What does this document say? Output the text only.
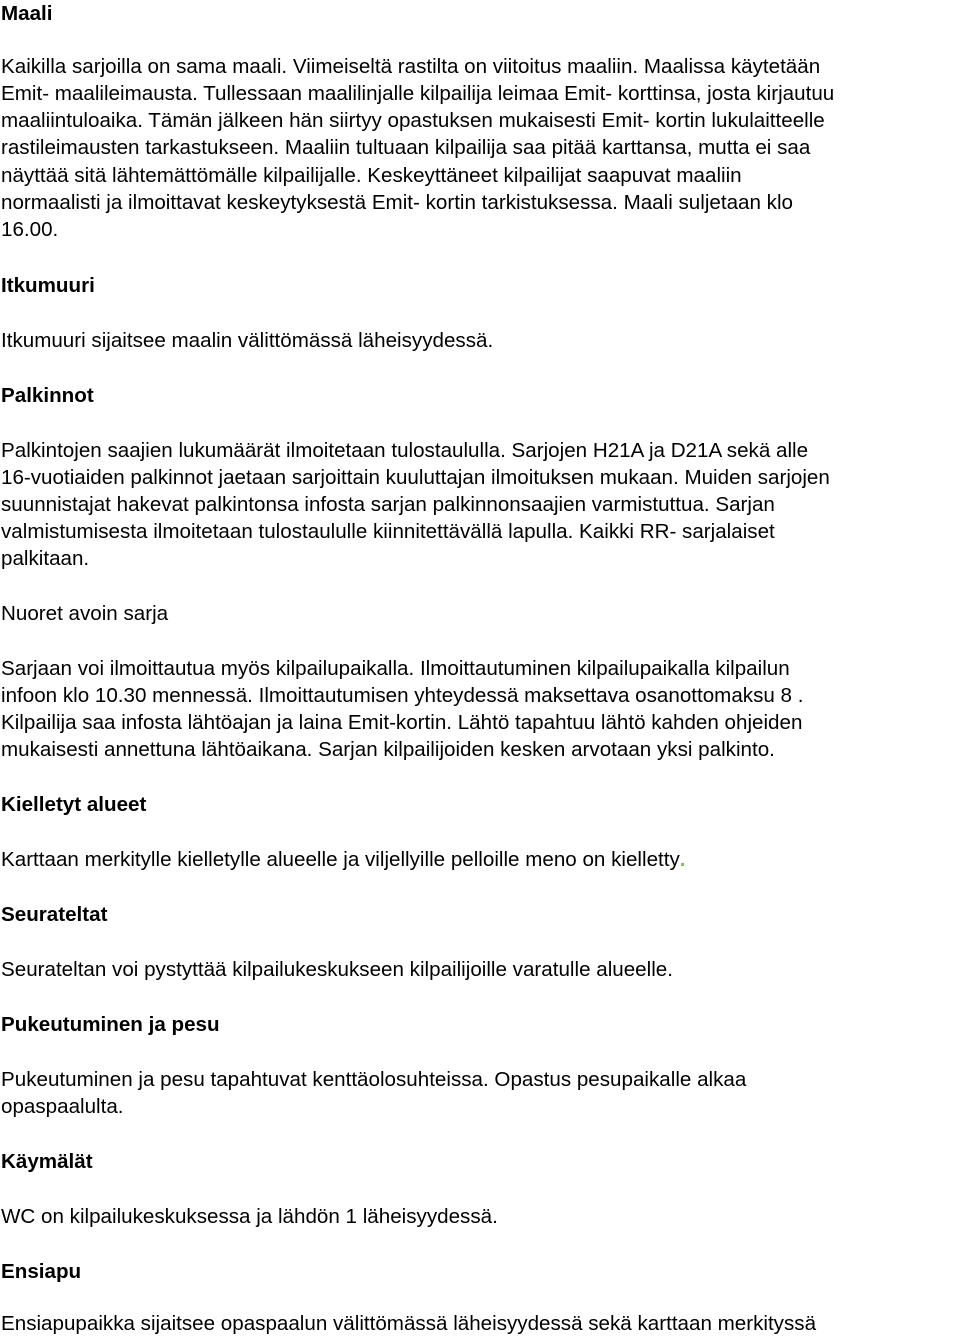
Maali
Kaikilla sarjoilla on sama maali. Viimeiseltä rastilta on viitoitus maaliin. Maalissa käytetään
Emit- maalileimausta. Tullessaan maalilinjalle kilpailija leimaa Emit- korttinsa, josta kirjautuu
maaliintuloaika. Tämän jälkeen hän siirtyy opastuksen mukaisesti Emit- kortin lukulaitteelle
rastileimausten tarkastukseen. Maaliin tultuaan kilpailija saa pitää karttansa, mutta ei saa
näyttää sitä lähtemättömälle kilpailijalle. Keskeyttäneet kilpailijat saapuvat maaliin
normaalisti ja ilmoittavat keskeytyksestä Emit- kortin tarkistuksessa. Maali suljetaan klo
16.00.
Itkumuuri
Itkumuuri sijaitsee maalin välittömässä läheisyydessä.
Palkinnot
Palkintojen saajien lukumäärät ilmoitetaan tulostaululla. Sarjojen H21A ja D21A sekä alle
16-vuotiaiden palkinnot jaetaan sarjoittain kuuluttajan ilmoituksen mukaan. Muiden sarjojen
suunnistajat hakevat palkintonsa infosta sarjan palkinnonsaajien varmistuttua. Sarjan
valmistumisesta ilmoitetaan tulostaululle kiinnitettävällä lapulla. Kaikki RR- sarjalaiset
palkitaan.
Nuoret avoin sarja
Sarjaan voi ilmoittautua myös kilpailupaikalla. Ilmoittautuminen kilpailupaikalla kilpailun
infoon klo 10.30 mennessä. Ilmoittautumisen yhteydessä maksettava osanottomaksu 8 .
Kilpailija saa infosta lähtöajan ja laina Emit-kortin. Lähtö tapahtuu lähtö kahden ohjeiden
mukaisesti annettuna lähtöaikana. Sarjan kilpailijoiden kesken arvotaan yksi palkinto.
Kielletyt alueet
Karttaan merkitylle kielletylle alueelle ja viljellyille pelloille meno on kielletty.
Seurateltat
Seurateltan voi pystyttää kilpailukeskukseen kilpailijoille varatulle alueelle.
Pukeutuminen ja pesu
Pukeutuminen ja pesu tapahtuvat kenttäolosuhteissa. Opastus pesupaikalle alkaa
opaspaalulta.
Käymälät
WC on kilpailukeskuksessa ja lähdön 1 läheisyydessä.
Ensiapu
Ensiapupaikka sijaitsee opaspaalun välittömässä läheisyydessä sekä karttaan merkityssä
